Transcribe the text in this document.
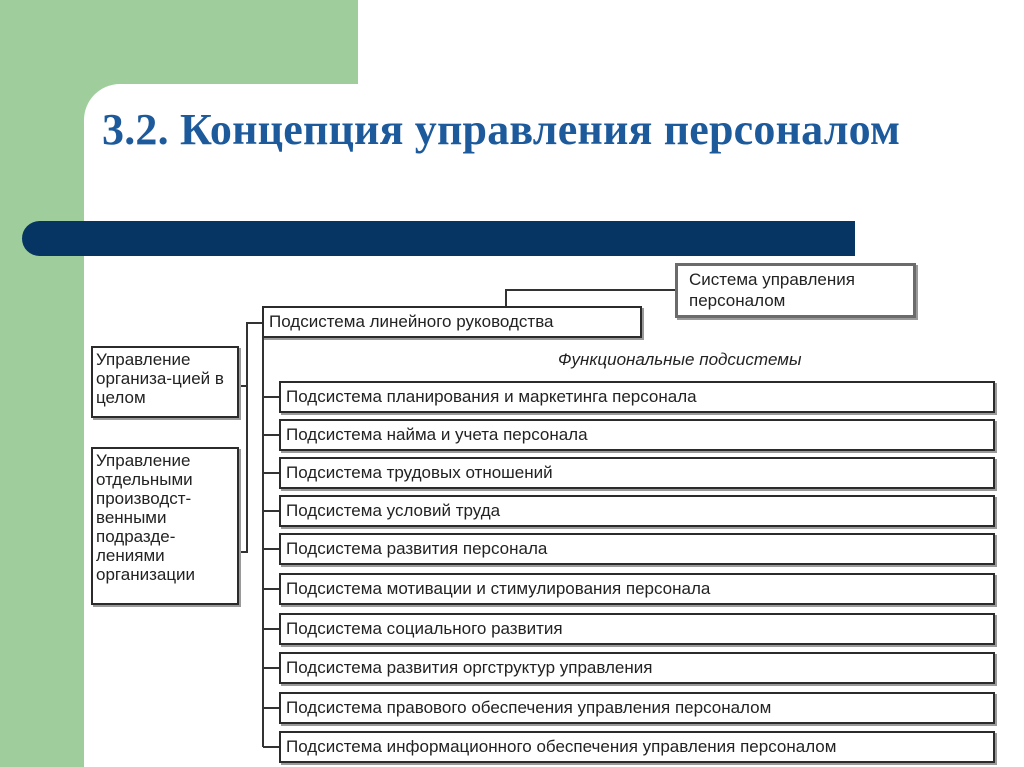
3.2. Концепция управления персоналом
Система управления персоналом
Подсистема линейного руководства
Функциональные подсистемы
Управление организа-цией в целом
Управление отдельными производст-венными подразде-лениями организации
Подсистема планирования и маркетинга персонала
Подсистема найма и учета персонала
Подсистема трудовых отношений
Подсистема условий труда
Подсистема развития персонала
Подсистема мотивации и стимулирования персонала
Подсистема социального развития
Подсистема развития оргструктур управления
Подсистема правового обеспечения управления персоналом
Подсистема информационного обеспечения управления персоналом
